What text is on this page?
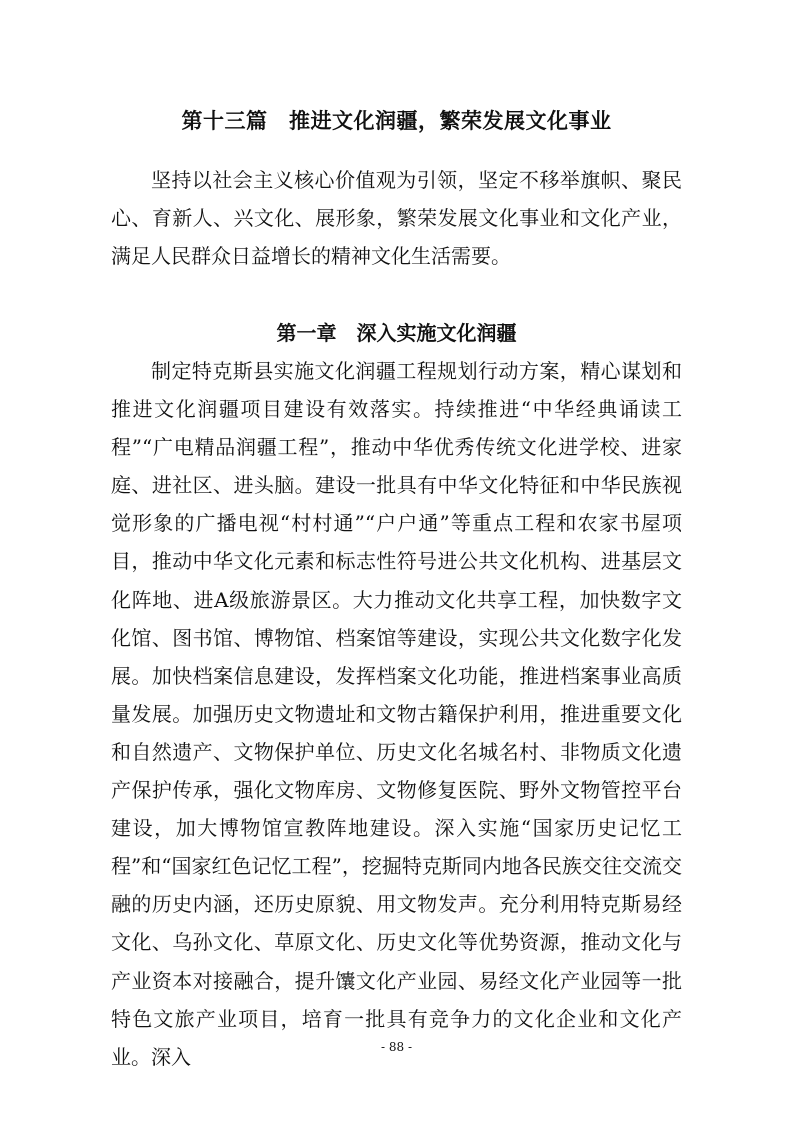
第十三篇　推进文化润疆，繁荣发展文化事业

坚持以社会主义核心价值观为引领，坚定不移举旗帜、聚民心、育新人、兴文化、展形象，繁荣发展文化事业和文化产业，满足人民群众日益增长的精神文化生活需要。

第一章　深入实施文化润疆

制定特克斯县实施文化润疆工程规划行动方案，精心谋划和推进文化润疆项目建设有效落实。持续推进“中华经典诵读工程”“广电精品润疆工程”，推动中华优秀传统文化进学校、进家庭、进社区、进头脑。建设一批具有中华文化特征和中华民族视觉形象的广播电视“村村通”“户户通”等重点工程和农家书屋项目，推动中华文化元素和标志性符号进公共文化机构、进基层文化阵地、进A级旅游景区。大力推动文化共享工程，加快数字文化馆、图书馆、博物馆、档案馆等建设，实现公共文化数字化发展。加快档案信息建设，发挥档案文化功能，推进档案事业高质量发展。加强历史文物遗址和文物古籍保护利用，推进重要文化和自然遗产、文物保护单位、历史文化名城名村、非物质文化遗产保护传承，强化文物库房、文物修复医院、野外文物管控平台建设，加大博物馆宣教阵地建设。深入实施“国家历史记忆工程”和“国家红色记忆工程”，挖掘特克斯同内地各民族交往交流交融的历史内涵，还历史原貌、用文物发声。充分利用特克斯易经文化、乌孙文化、草原文化、历史文化等优势资源，推动文化与产业资本对接融合，提升馕文化产业园、易经文化产业园等一批特色文旅产业项目，培育一批具有竞争力的文化企业和文化产业。深入	- 88 -
